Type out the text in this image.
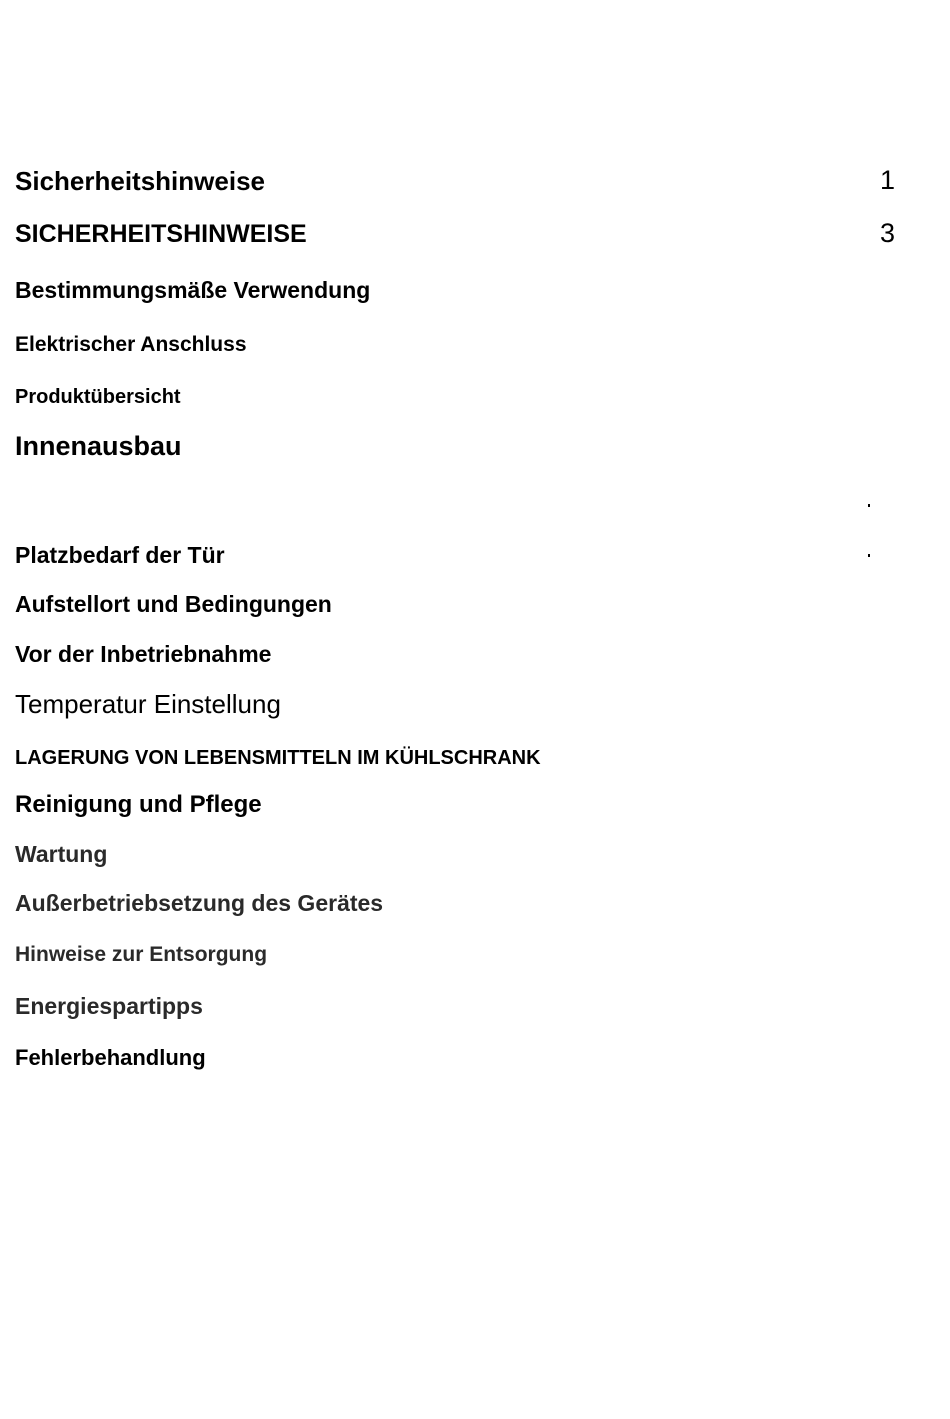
Sicherheitshinweise	1
SICHERHEITSHINWEISE	3
Bestimmungsmäße Verwendung
Elektrischer Anschluss
Produktübersicht
Innenausbau
Platzbedarf der Tür
Aufstellort und Bedingungen
Vor der Inbetriebnahme
Temperatur Einstellung
LAGERUNG VON LEBENSMITTELN IM KÜHLSCHRANK
Reinigung und Pflege
Wartung
Außerbetriebsetzung des Gerätes
Hinweise zur Entsorgung
Energiespartipps
Fehlerbehandlung
